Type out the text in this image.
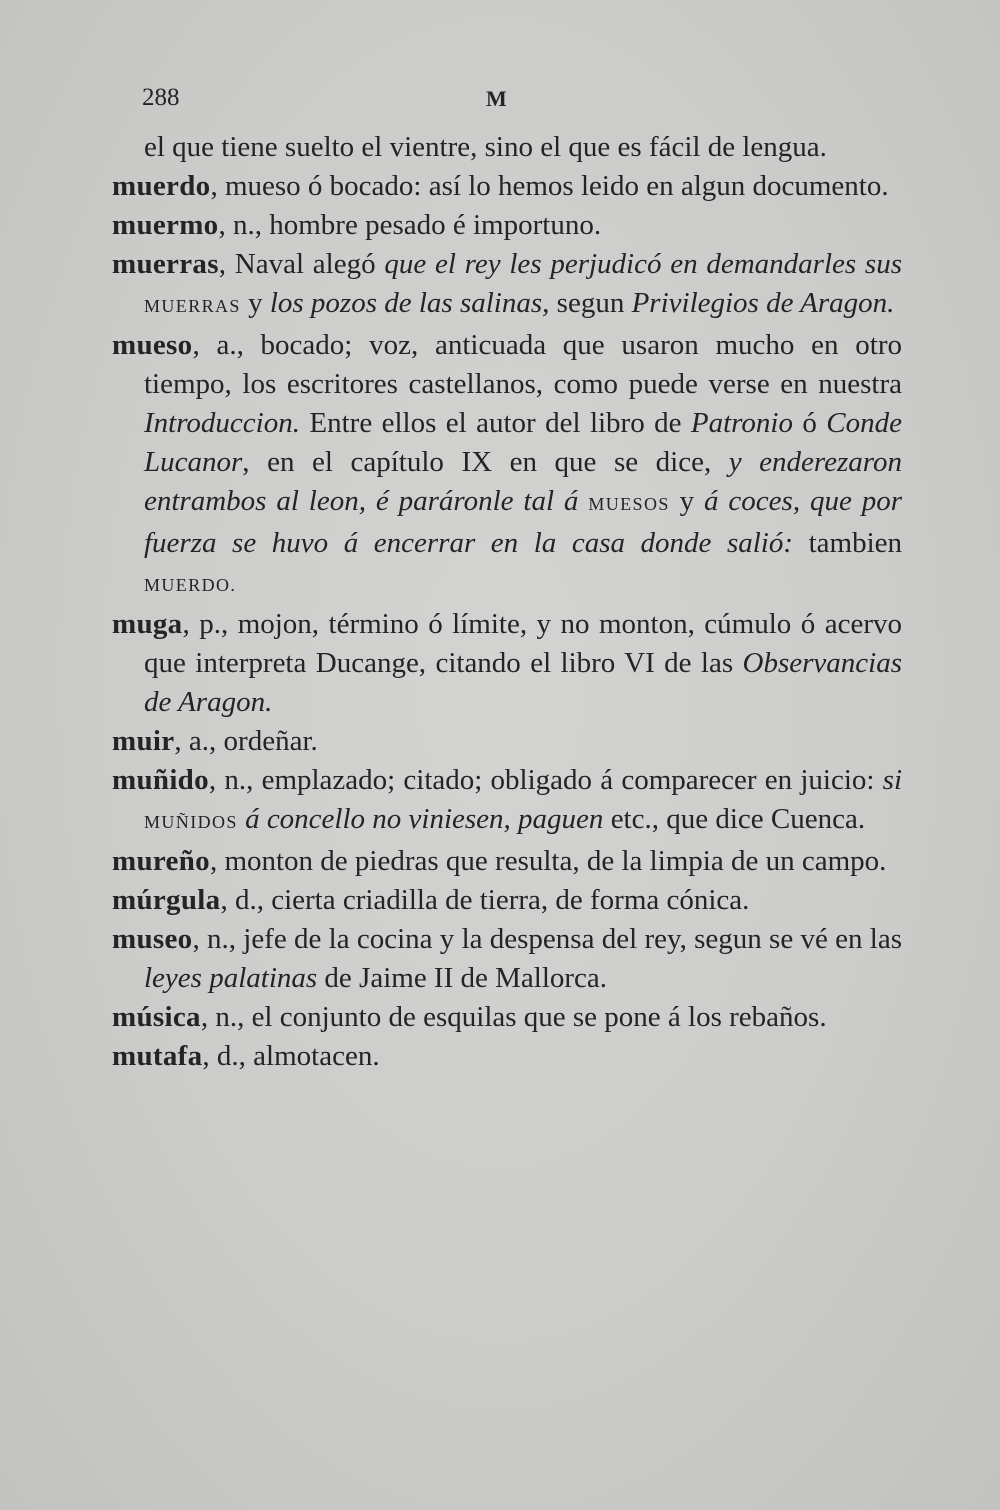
288	M

el que tiene suelto el vientre, sino el que es fácil de lengua.

muerdo, mueso ó bocado: así lo hemos leido en algun documento.

muermo, n., hombre pesado é importuno.

muerras, Naval alegó que el rey les perjudicó en demandarles sus MUERRAS y los pozos de las salinas, segun Privilegios de Aragon.

mueso, a., bocado; voz, anticuada que usaron mucho en otro tiempo, los escritores castellanos, como puede verse en nuestra Introduccion. Entre ellos el autor del libro de Patronio ó Conde Lucanor, en el capítulo IX en que se dice, y enderezaron entrambos al leon, é paráronle tal á MUESOS y á coces, que por fuerza se huvo á encerrar en la casa donde salió: tambien MUERDO.

muga, p., mojon, término ó límite, y no monton, cúmulo ó acervo que interpreta Ducange, citando el libro VI de las Observancias de Aragon.

muir, a., ordeñar.

muñido, n., emplazado; citado; obligado á comparecer en juicio: si MUÑIDOS á concello no viniesen, paguen etc., que dice Cuenca.

mureño, monton de piedras que resulta, de la limpia de un campo.

múrgula, d., cierta criadilla de tierra, de forma cónica.

museo, n., jefe de la cocina y la despensa del rey, segun se vé en las leyes palatinas de Jaime II de Mallorca.

música, n., el conjunto de esquilas que se pone á los rebaños.

mutafa, d., almotacen.
